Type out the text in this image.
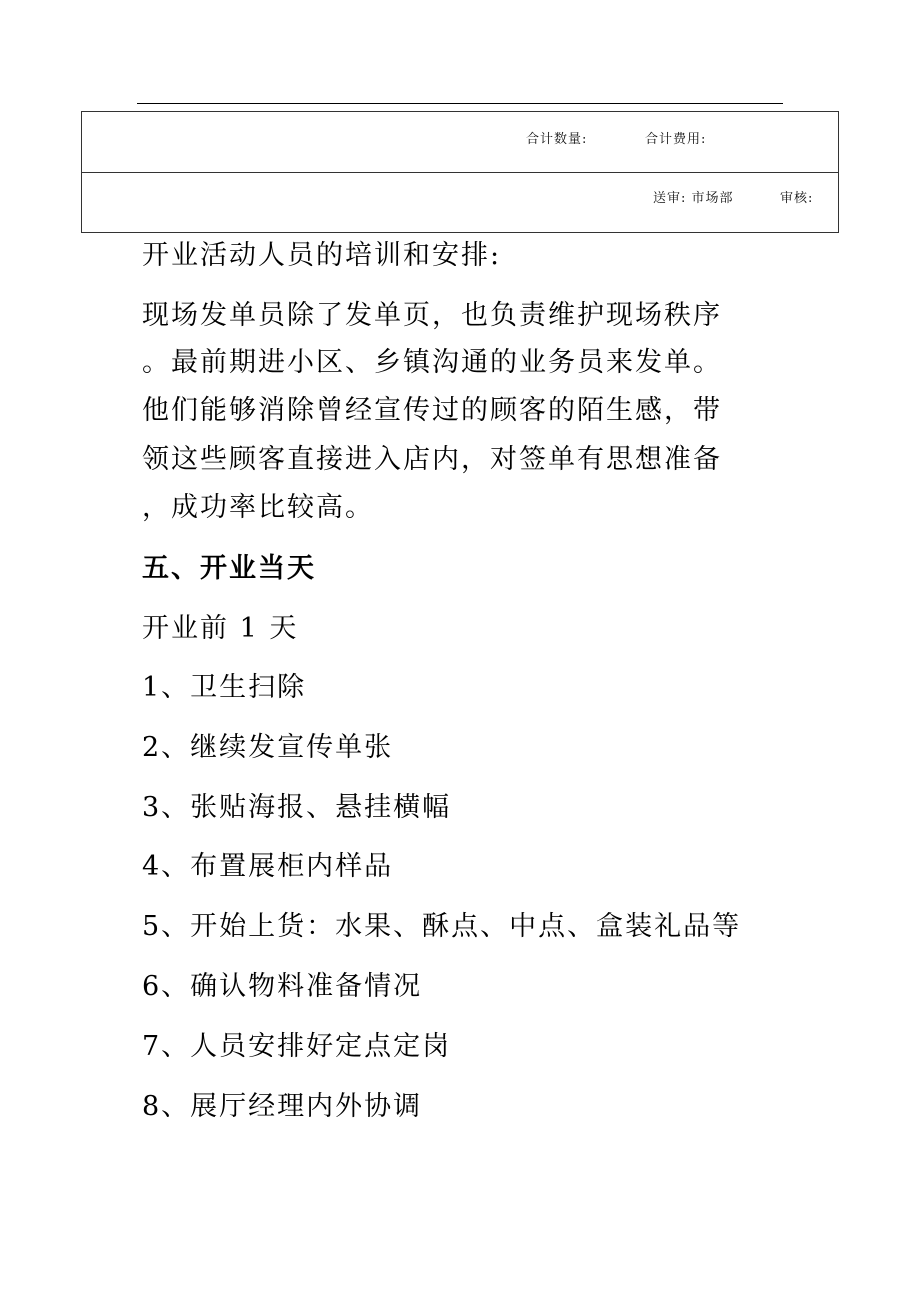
合计数量:	合计费用:
送审: 市场部	审核:
开业活动人员的培训和安排:
现场发单员除了发单页，也负责维护现场秩序
。最前期进小区、乡镇沟通的业务员来发单。
他们能够消除曾经宣传过的顾客的陌生感，带
领这些顾客直接进入店内，对签单有思想准备
，成功率比较高。
五、开业当天
开业前 1 天
1、卫生扫除
2、继续发宣传单张
3、张贴海报、悬挂横幅
4、布置展柜内样品
5、开始上货：水果、酥点、中点、盒装礼品等
6、确认物料准备情况
7、人员安排好定点定岗
8、展厅经理内外协调
